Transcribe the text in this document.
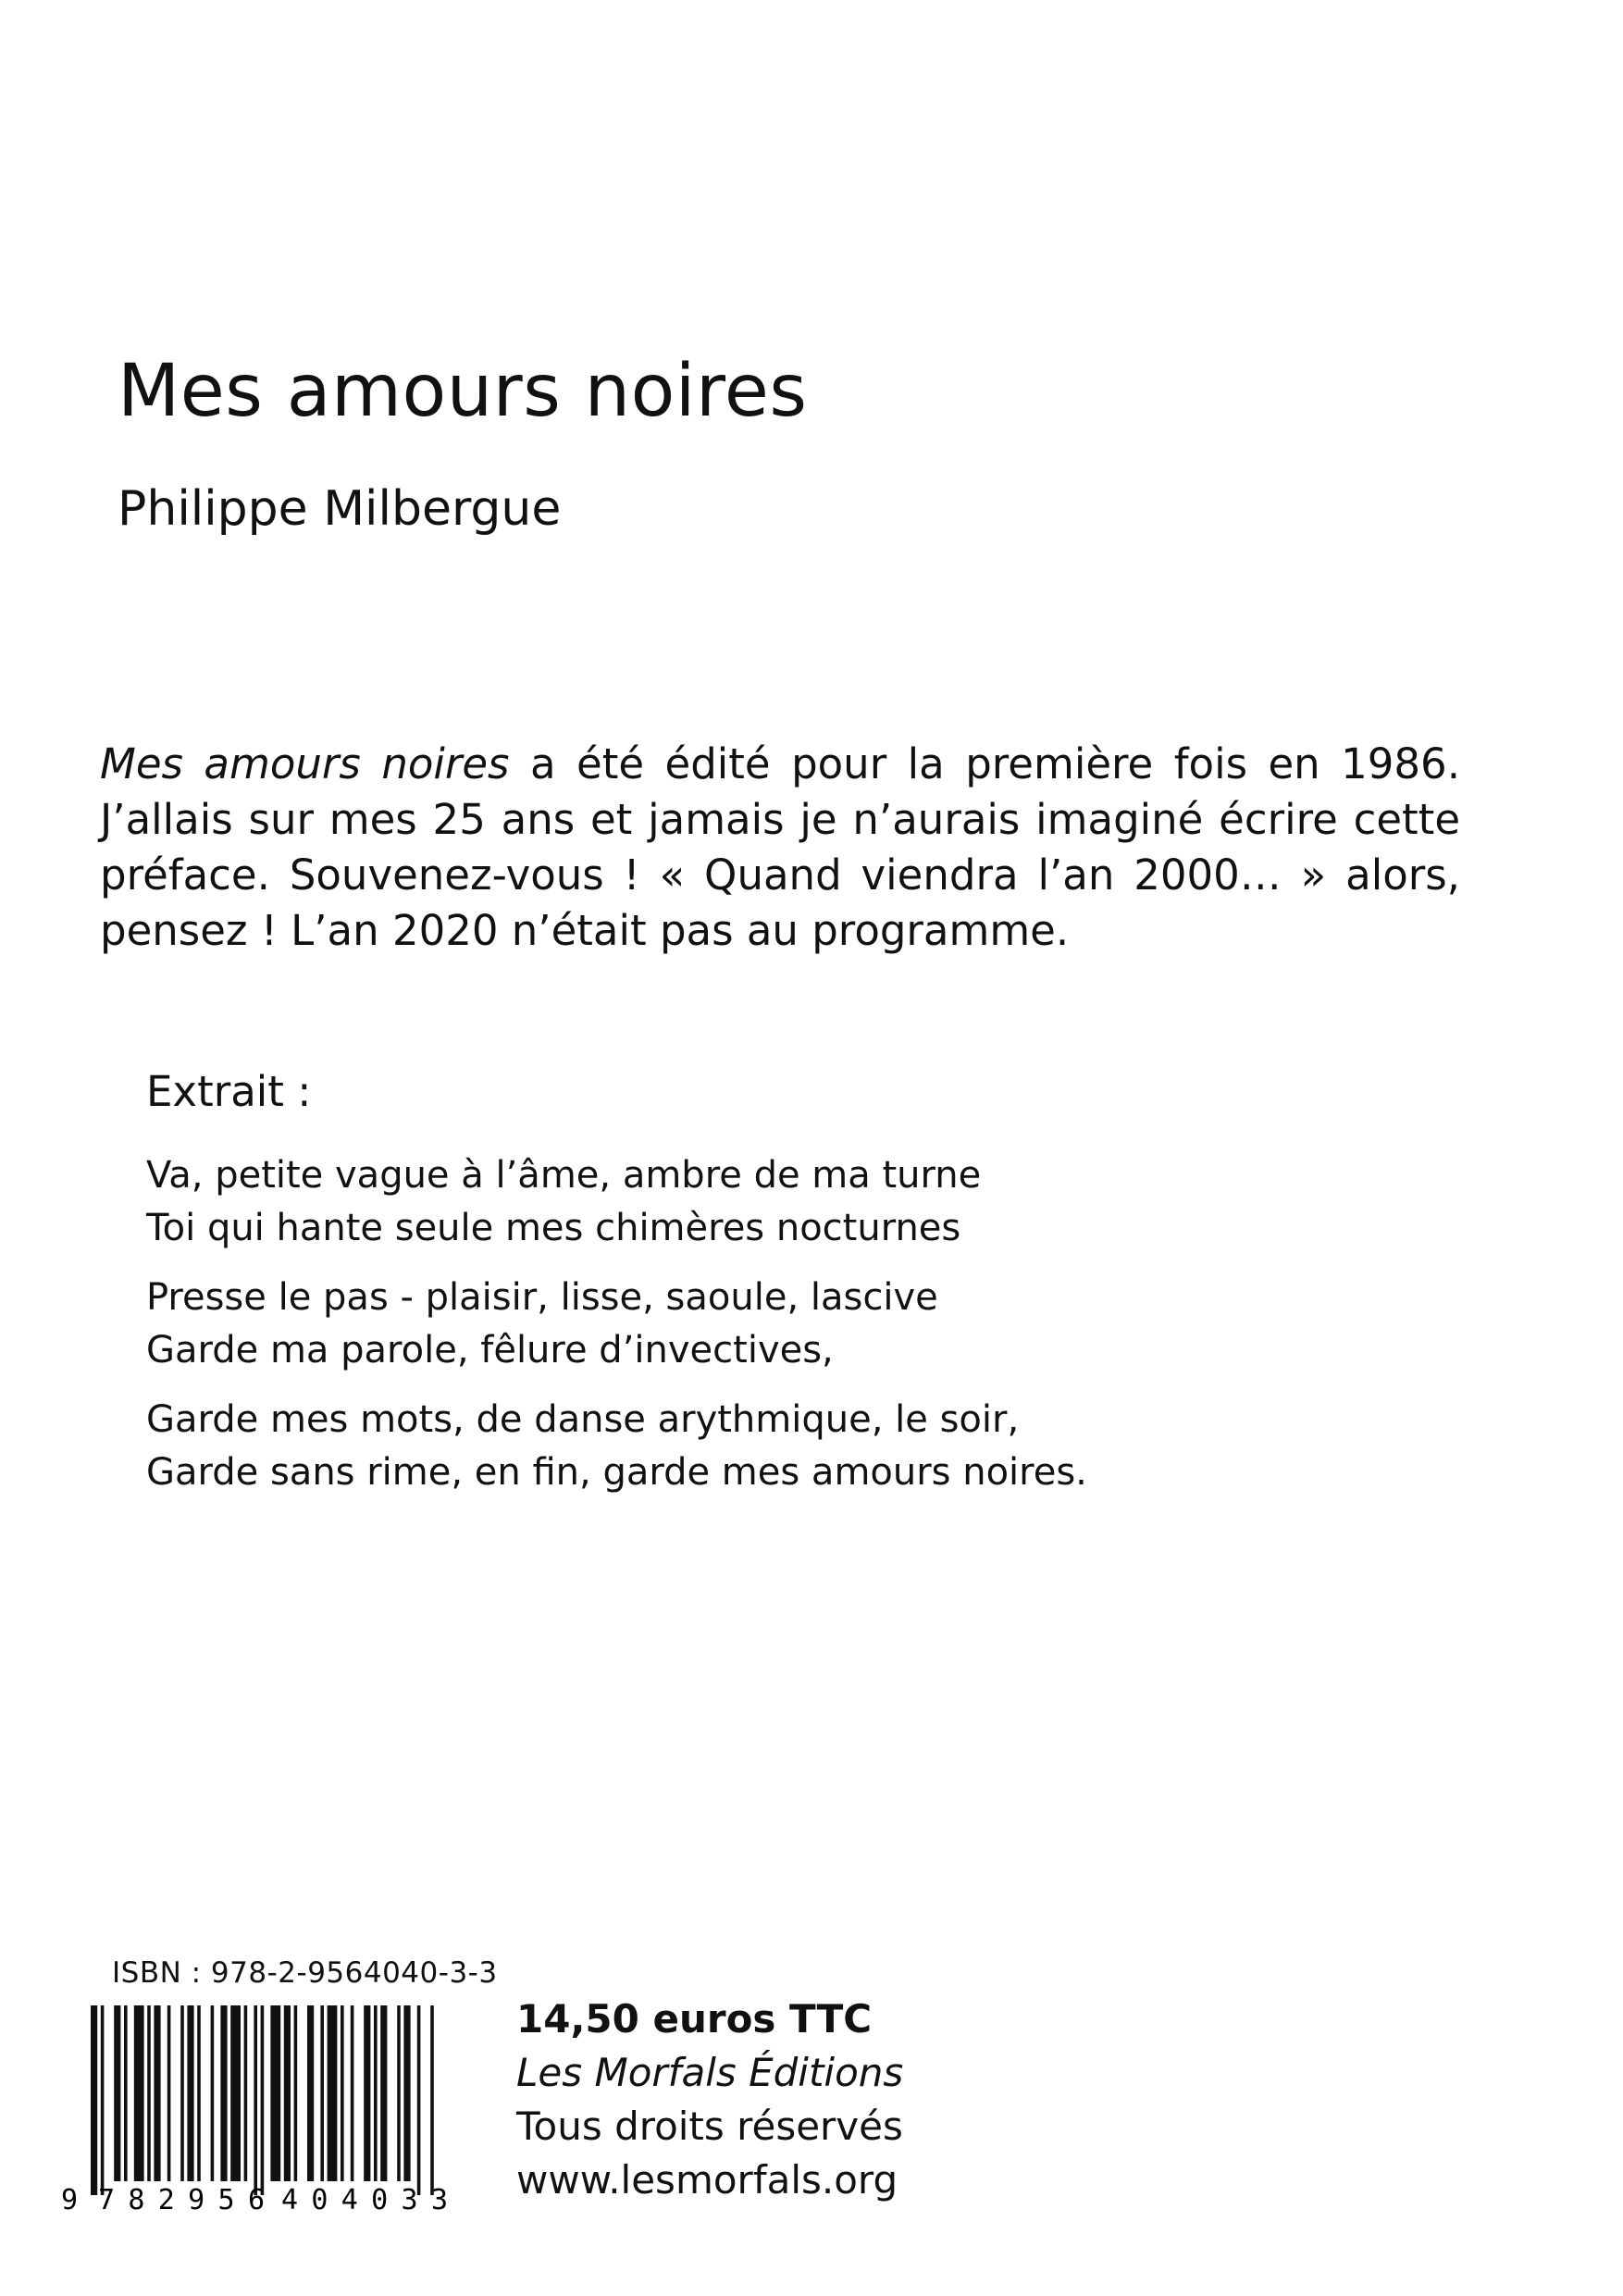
Mes amours noires

Philippe Milbergue

Mes amours noires a été édité pour la première fois en 1986. J’allais sur mes 25 ans et jamais je n’aurais imaginé écrire cette préface. Souvenez-vous ! « Quand viendra l’an 2000… » alors, pensez ! L’an 2020 n’était pas au programme.

Extrait :
Va, petite vague à l’âme, ambre de ma turne
Toi qui hante seule mes chimères nocturnes
Presse le pas - plaisir, lisse, saoule, lascive
Garde ma parole, fêlure d’invectives,
Garde mes mots, de danse arythmique, le soir,
Garde sans rime, en fin, garde mes amours noires.
ISBN : 978-2-9564040-3-3
9 782956 404033
14,50 euros TTC
Les Morfals Éditions
Tous droits réservés
www.lesmorfals.org
